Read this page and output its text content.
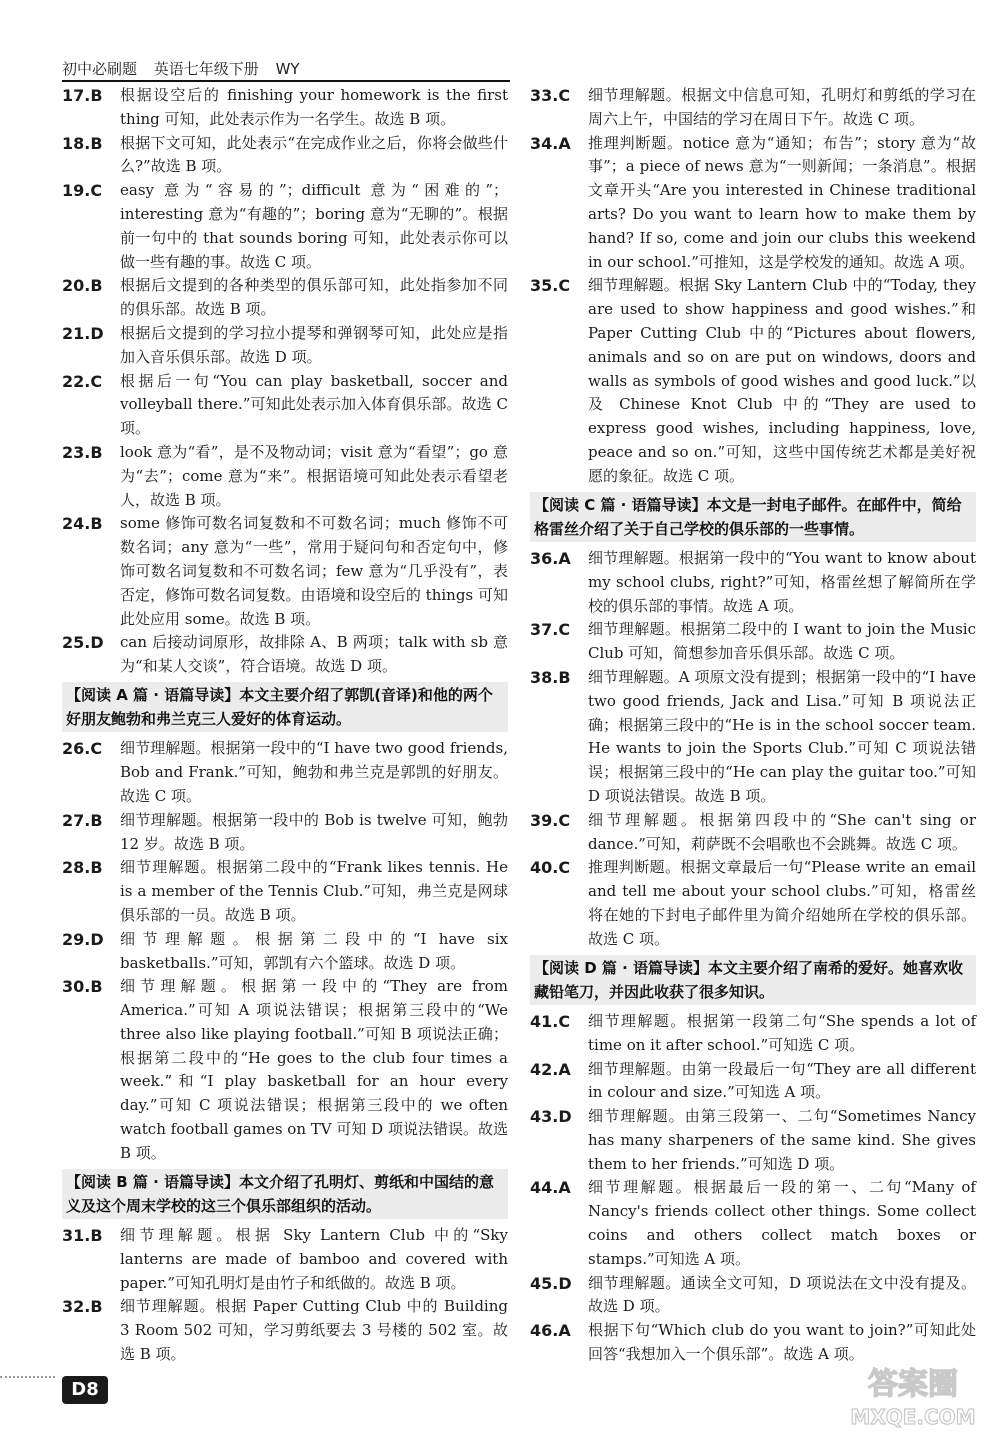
初中必刷题 英语七年级下册 WY
17.B 根据设空后的 finishing your homework is the first thing 可知，此处表示作为一名学生。故选 B 项。
18.B 根据下文可知，此处表示“在完成作业之后，你将会做些什么?”故选 B 项。
19.C easy 意为“容易的”；difficult 意为“困难的”；interesting 意为“有趣的”；boring 意为“无聊的”。根据前一句中的 that sounds boring 可知，此处表示你可以做一些有趣的事。故选 C 项。
20.B 根据后文提到的各种类型的俱乐部可知，此处指参加不同的俱乐部。故选 B 项。
21.D 根据后文提到的学习拉小提琴和弹钢琴可知，此处应是指加入音乐俱乐部。故选 D 项。
22.C 根据后一句“You can play basketball, soccer and volleyball there.”可知此处表示加入体育俱乐部。故选 C 项。
23.B look 意为“看”，是不及物动词；visit 意为“看望”；go 意为“去”；come 意为“来”。根据语境可知此处表示看望老人，故选 B 项。
24.B some 修饰可数名词复数和不可数名词；much 修饰不可数名词；any 意为“一些”，常用于疑问句和否定句中，修饰可数名词复数和不可数名词；few 意为“几乎没有”，表否定，修饰可数名词复数。由语境和设空后的 things 可知此处应用 some。故选 B 项。
25.D can 后接动词原形，故排除 A、B 两项；talk with sb 意为“和某人交谈”，符合语境。故选 D 项。
【阅读 A 篇 · 语篇导读】本文主要介绍了郭凯(音译)和他的两个好朋友鲍勃和弗兰克三人爱好的体育运动。
26.C 细节理解题。根据第一段中的“I have two good friends, Bob and Frank.”可知，鲍勃和弗兰克是郭凯的好朋友。故选 C 项。
27.B 细节理解题。根据第一段中的 Bob is twelve 可知，鲍勃 12 岁。故选 B 项。
28.B 细节理解题。根据第二段中的“Frank likes tennis. He is a member of the Tennis Club.”可知，弗兰克是网球俱乐部的一员。故选 B 项。
29.D 细节理解题。根据第二段中的“I have six basketballs.”可知，郭凯有六个篮球。故选 D 项。
30.B 细节理解题。根据第一段中的“They are from America.”可知 A 项说法错误；根据第三段中的“We three also like playing football.”可知 B 项说法正确；根据第二段中的“He goes to the club four times a week.”和“I play basketball for an hour every day.”可知 C 项说法错误；根据第三段中的 we often watch football games on TV 可知 D 项说法错误。故选 B 项。
【阅读 B 篇 · 语篇导读】本文介绍了孔明灯、剪纸和中国结的意义及这个周末学校的这三个俱乐部组织的活动。
31.B 细节理解题。根据 Sky Lantern Club 中的“Sky lanterns are made of bamboo and covered with paper.”可知孔明灯是由竹子和纸做的。故选 B 项。
32.B 细节理解题。根据 Paper Cutting Club 中的 Building 3 Room 502 可知，学习剪纸要去 3 号楼的 502 室。故选 B 项。
33.C 细节理解题。根据文中信息可知，孔明灯和剪纸的学习在周六上午，中国结的学习在周日下午。故选 C 项。
34.A 推理判断题。notice 意为“通知；布告”；story 意为“故事”；a piece of news 意为“一则新闻；一条消息”。根据文章开头“Are you interested in Chinese traditional arts? Do you want to learn how to make them by hand? If so, come and join our clubs this weekend in our school.”可推知，这是学校发的通知。故选 A 项。
35.C 细节理解题。根据 Sky Lantern Club 中的“Today, they are used to show happiness and good wishes.”和 Paper Cutting Club 中的“Pictures about flowers, animals and so on are put on windows, doors and walls as symbols of good wishes and good luck.”以及 Chinese Knot Club 中的“They are used to express good wishes, including happiness, love, peace and so on.”可知，这些中国传统艺术都是美好祝愿的象征。故选 C 项。
【阅读 C 篇 · 语篇导读】本文是一封电子邮件。在邮件中，简给格雷丝介绍了关于自己学校的俱乐部的一些事情。
36.A 细节理解题。根据第一段中的“You want to know about my school clubs, right?”可知，格雷丝想了解简所在学校的俱乐部的事情。故选 A 项。
37.C 细节理解题。根据第二段中的 I want to join the Music Club 可知，简想参加音乐俱乐部。故选 C 项。
38.B 细节理解题。A 项原文没有提到；根据第一段中的“I have two good friends, Jack and Lisa.”可知 B 项说法正确；根据第三段中的“He is in the school soccer team. He wants to join the Sports Club.”可知 C 项说法错误；根据第三段中的“He can play the guitar too.”可知 D 项说法错误。故选 B 项。
39.C 细节理解题。根据第四段中的“She can't sing or dance.”可知，莉萨既不会唱歌也不会跳舞。故选 C 项。
40.C 推理判断题。根据文章最后一句“Please write an email and tell me about your school clubs.”可知，格雷丝将在她的下封电子邮件里为简介绍她所在学校的俱乐部。故选 C 项。
【阅读 D 篇 · 语篇导读】本文主要介绍了南希的爱好。她喜欢收藏铅笔刀，并因此收获了很多知识。
41.C 细节理解题。根据第一段第二句“She spends a lot of time on it after school.”可知选 C 项。
42.A 细节理解题。由第一段最后一句“They are all different in colour and size.”可知选 A 项。
43.D 细节理解题。由第三段第一、二句“Sometimes Nancy has many sharpeners of the same kind. She gives them to her friends.”可知选 D 项。
44.A 细节理解题。根据最后一段的第一、二句“Many of Nancy's friends collect other things. Some collect coins and others collect match boxes or stamps.”可知选 A 项。
45.D 细节理解题。通读全文可知，D 项说法在文中没有提及。故选 D 项。
46.A 根据下句“Which club do you want to join?”可知此处回答“我想加入一个俱乐部”。故选 A 项。
D8	答案圈
MXQE.COM
